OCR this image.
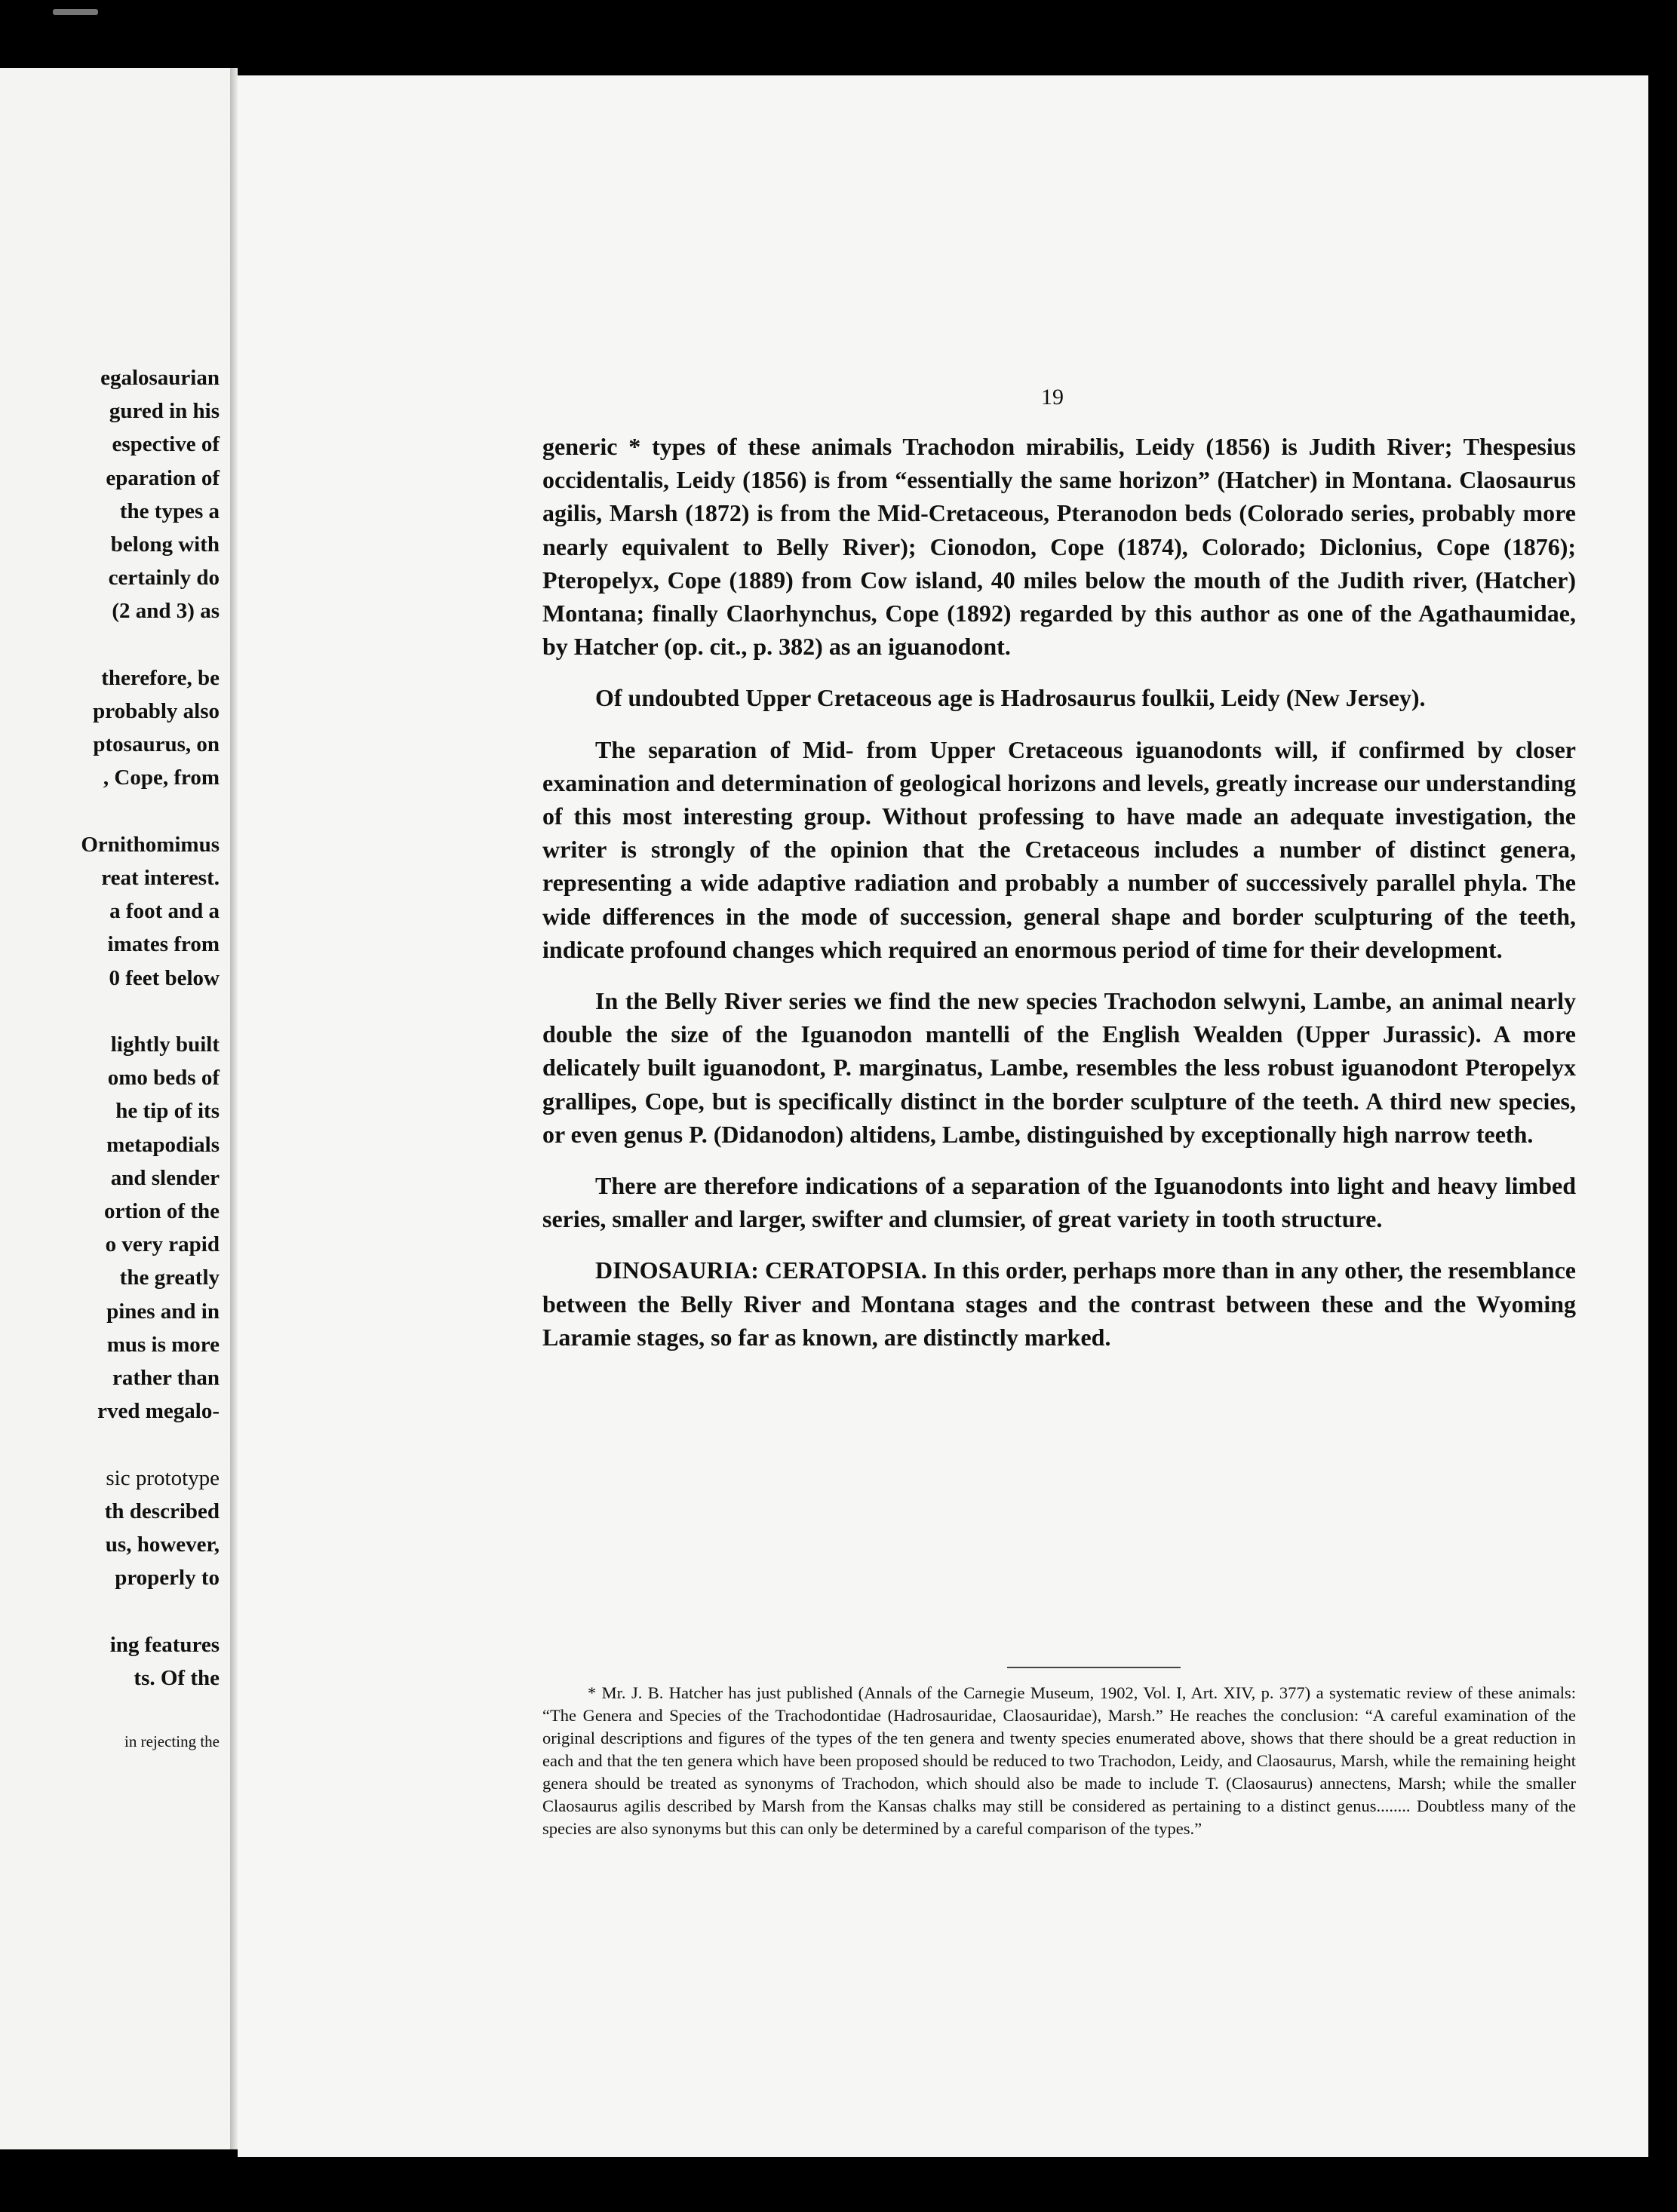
egalosaurian
gured in his
espective of
eparation of
the types a
belong with
certainly do
(2 and 3) as
therefore, be
probably also
ptosaurus, on
, Cope, from
Ornithomimus
reat interest.
a foot and a
imates from
0 feet below
lightly built
omo beds of
he tip of its
metapodials
and slender
ortion of the
o very rapid
the greatly
pines and in
mus is more
rather than
rved megalo-
sic prototype
th described
us, however,
properly to
ing features
ts. Of the
in rejecting the
19

generic * types of these animals Trachodon mirabilis, Leidy (1856) is Judith River; Thespesius occidentalis, Leidy (1856) is from “essentially the same horizon” (Hatcher) in Montana. Claosaurus agilis, Marsh (1872) is from the Mid-Cretaceous, Pteranodon beds (Colorado series, probably more nearly equivalent to Belly River); Cionodon, Cope (1874), Colorado; Diclonius, Cope (1876); Pteropelyx, Cope (1889) from Cow island, 40 miles below the mouth of the Judith river, (Hatcher) Montana; finally Claorhynchus, Cope (1892) regarded by this author as one of the Agathaumidae, by Hatcher (op. cit., p. 382) as an iguanodont.

Of undoubted Upper Cretaceous age is Hadrosaurus foulkii, Leidy (New Jersey).

The separation of Mid- from Upper Cretaceous iguanodonts will, if confirmed by closer examination and determination of geological horizons and levels, greatly increase our understanding of this most interesting group. Without professing to have made an adequate investigation, the writer is strongly of the opinion that the Cretaceous includes a number of distinct genera, representing a wide adaptive radiation and probably a number of successively parallel phyla. The wide differences in the mode of succession, general shape and border sculpturing of the teeth, indicate profound changes which required an enormous period of time for their development.

In the Belly River series we find the new species Trachodon selwyni, Lambe, an animal nearly double the size of the Iguanodon mantelli of the English Wealden (Upper Jurassic). A more delicately built iguanodont, P. marginatus, Lambe, resembles the less robust iguanodont Pteropelyx grallipes, Cope, but is specifically distinct in the border sculpture of the teeth. A third new species, or even genus P. (Didanodon) altidens, Lambe, distinguished by exceptionally high narrow teeth.

There are therefore indications of a separation of the Iguanodonts into light and heavy limbed series, smaller and larger, swifter and clumsier, of great variety in tooth structure.

DINOSAURIA: CERATOPSIA. In this order, perhaps more than in any other, the resemblance between the Belly River and Montana stages and the contrast between these and the Wyoming Laramie stages, so far as known, are distinctly marked.

* Mr. J. B. Hatcher has just published (Annals of the Carnegie Museum, 1902, Vol. I, Art. XIV, p. 377) a systematic review of these animals: “The Genera and Species of the Trachodontidae (Hadrosauridae, Claosauridae), Marsh.” He reaches the conclusion: “A careful examination of the original descriptions and figures of the types of the ten genera and twenty species enumerated above, shows that there should be a great reduction in each and that the ten genera which have been proposed should be reduced to two Trachodon, Leidy, and Claosaurus, Marsh, while the remaining height genera should be treated as synonyms of Trachodon, which should also be made to include T. (Claosaurus) annectens, Marsh; while the smaller Claosaurus agilis described by Marsh from the Kansas chalks may still be considered as pertaining to a distinct genus........ Doubtless many of the species are also synonyms but this can only be determined by a careful comparison of the types.”
